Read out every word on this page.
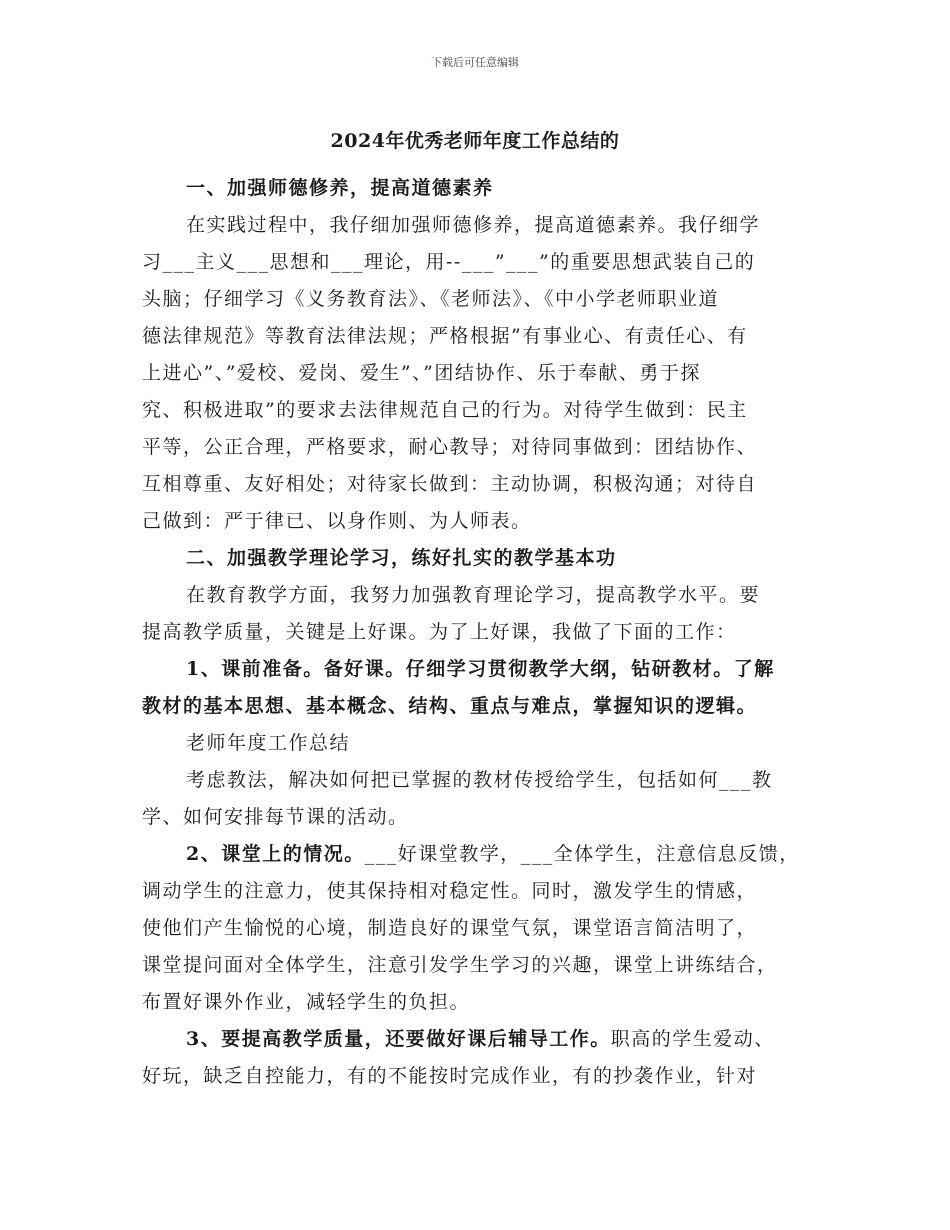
下载后可任意编辑
2024年优秀老师年度工作总结的
一、加强师德修养，提高道德素养
在实践过程中，我仔细加强师德修养，提高道德素养。我仔细学
习___主义___思想和___理论，用--___”___”的重要思想武装自己的
头脑；仔细学习《义务教育法》、《老师法》、《中小学老师职业道
德法律规范》等教育法律法规；严格根据”有事业心、有责任心、有
上进心”、”爱校、爱岗、爱生”、”团结协作、乐于奉献、勇于探
究、积极进取”的要求去法律规范自己的行为。对待学生做到：民主
平等，公正合理，严格要求，耐心教导；对待同事做到：团结协作、
互相尊重、友好相处；对待家长做到：主动协调，积极沟通；对待自
己做到：严于律已、以身作则、为人师表。
二、加强教学理论学习，练好扎实的教学基本功
在教育教学方面，我努力加强教育理论学习，提高教学水平。要
提高教学质量，关键是上好课。为了上好课，我做了下面的工作：
1、课前准备。备好课。仔细学习贯彻教学大纲，钻研教材。了解
教材的基本思想、基本概念、结构、重点与难点，掌握知识的逻辑。
老师年度工作总结
考虑教法，解决如何把已掌握的教材传授给学生，包括如何___教
学、如何安排每节课的活动。
2、课堂上的情况。___好课堂教学，___全体学生，注意信息反馈，
调动学生的注意力，使其保持相对稳定性。同时，激发学生的情感，
使他们产生愉悦的心境，制造良好的课堂气氛，课堂语言简洁明了，
课堂提问面对全体学生，注意引发学生学习的兴趣，课堂上讲练结合，
布置好课外作业，减轻学生的负担。
3、要提高教学质量，还要做好课后辅导工作。职高的学生爱动、
好玩，缺乏自控能力，有的不能按时完成作业，有的抄袭作业，针对
